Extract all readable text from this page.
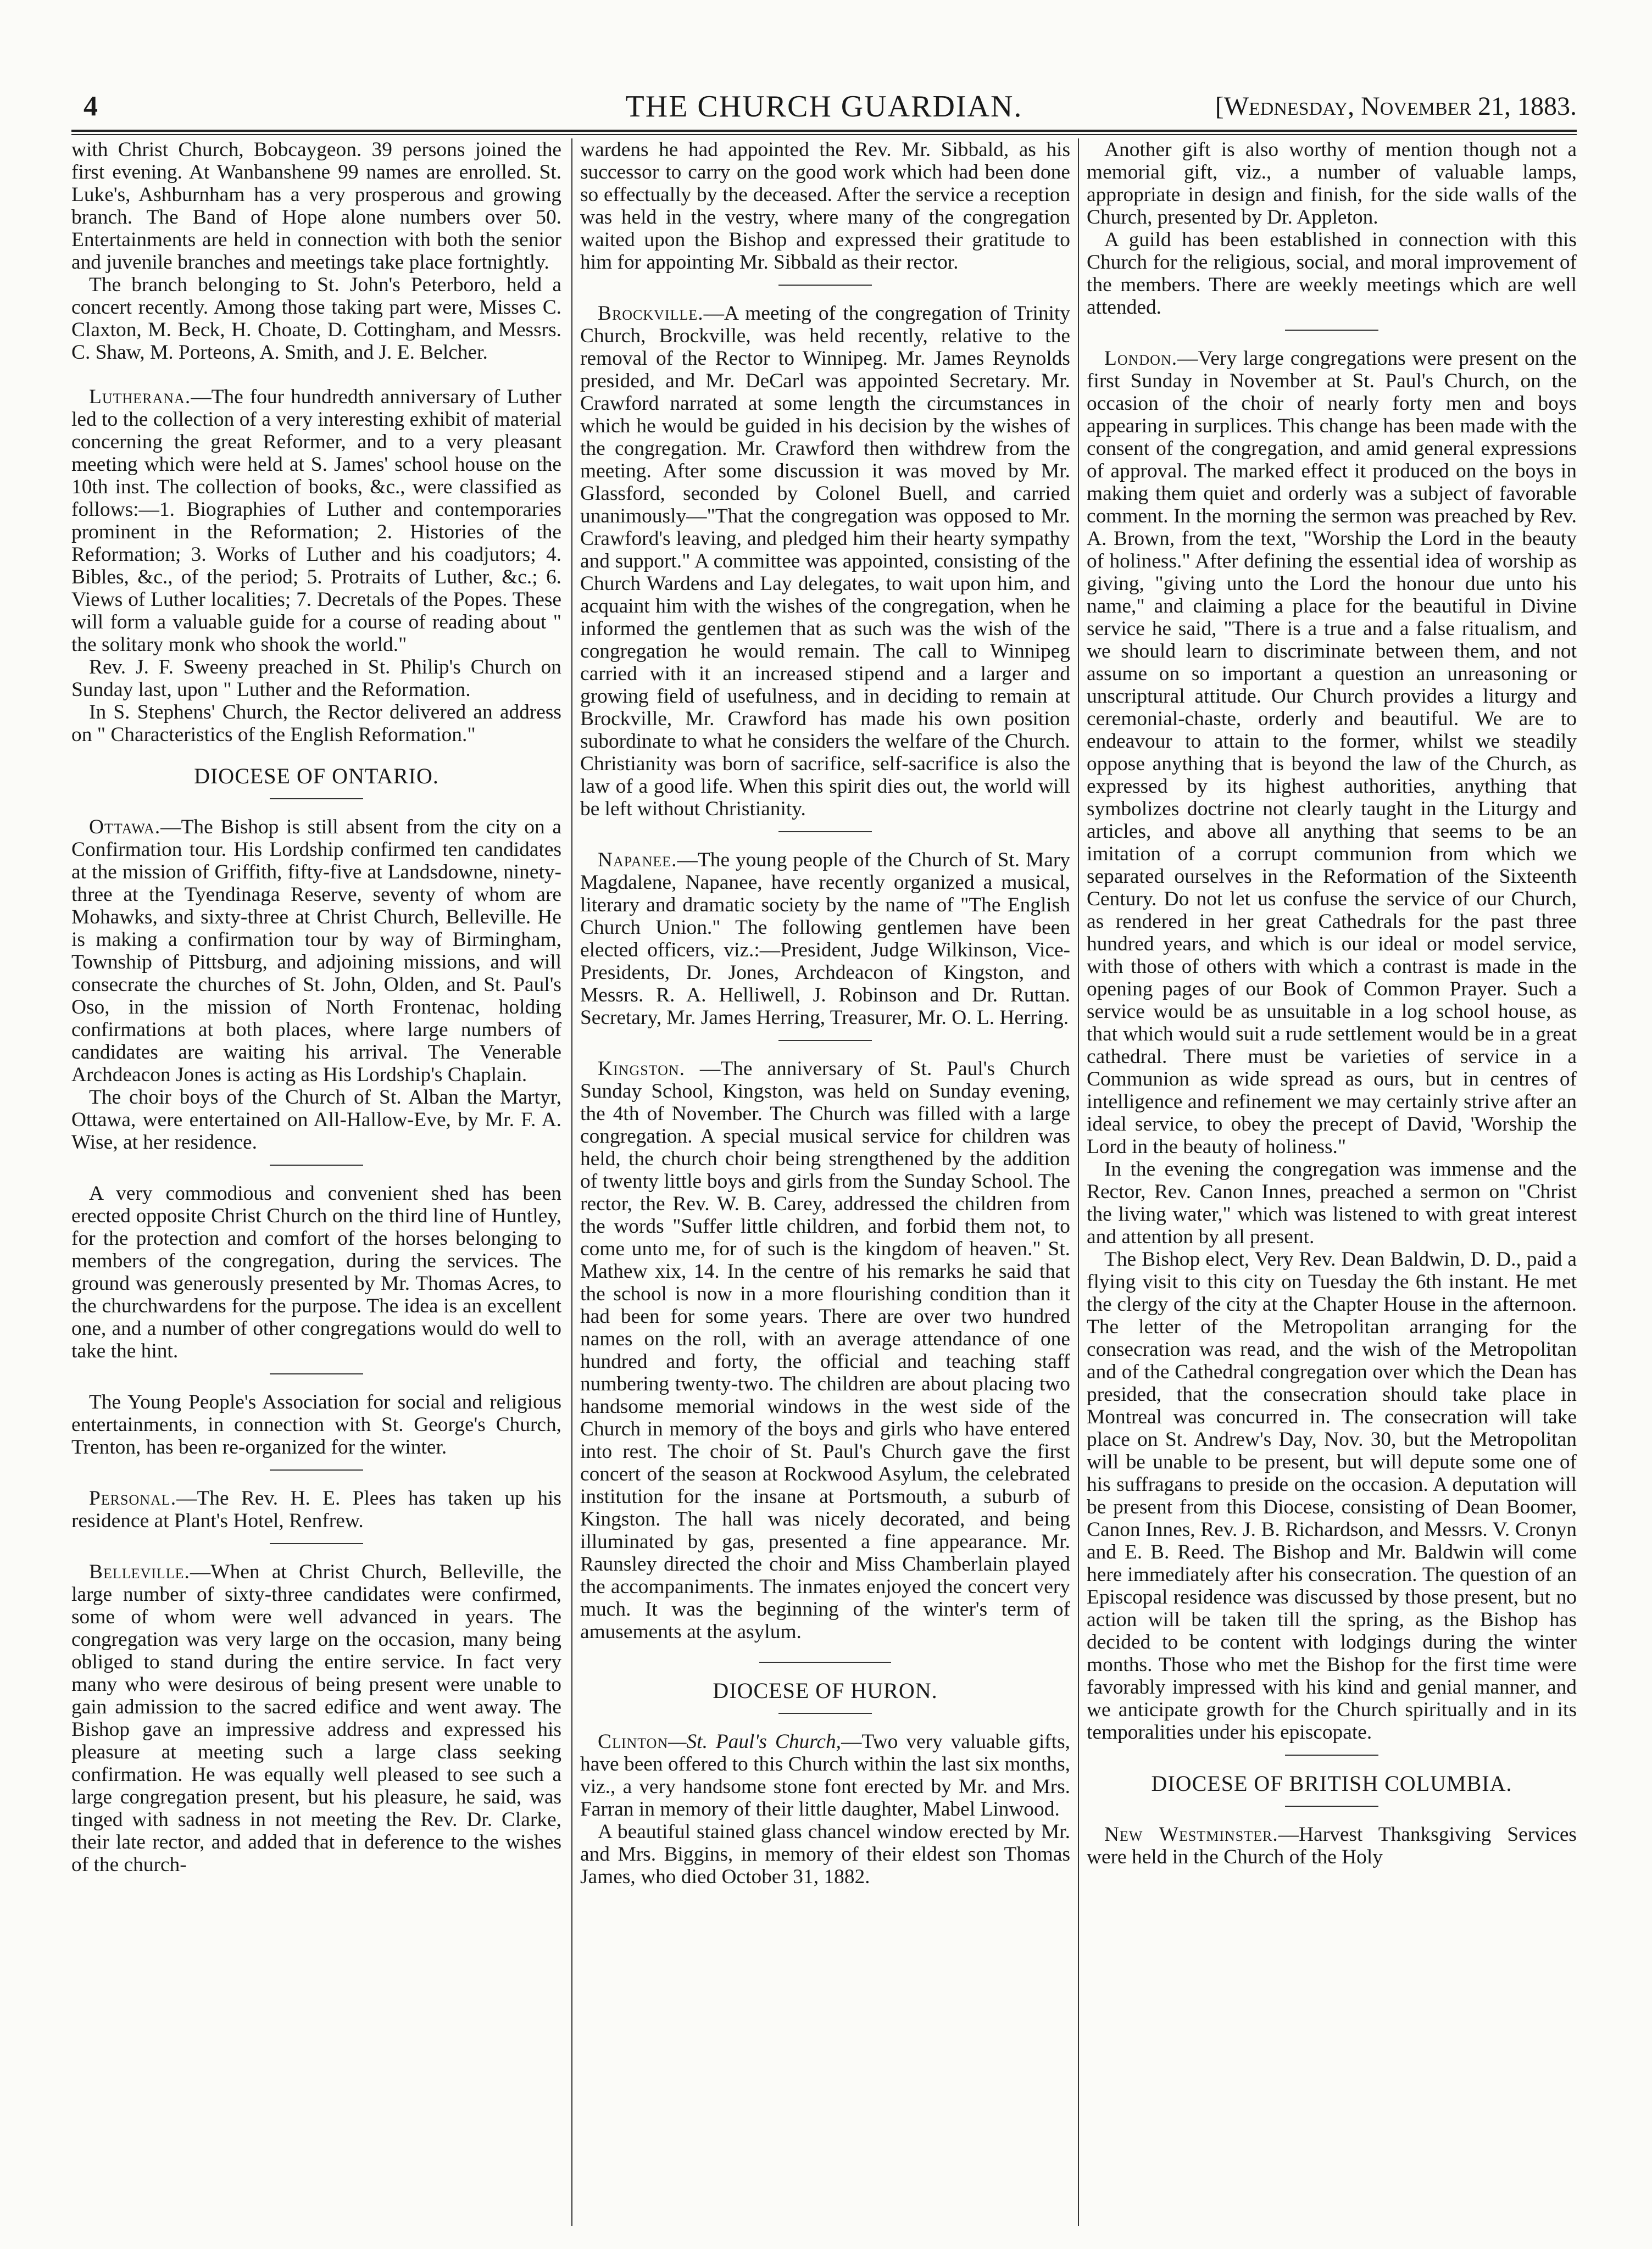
4	THE CHURCH GUARDIAN.	[Wednesday, November 21, 1883.

with Christ Church, Bobcaygeon. 39 persons joined the first evening. At Wanbanshene 99 names are enrolled. St. Luke's, Ashburnham has a very prosperous and growing branch. The Band of Hope alone numbers over 50. Entertainments are held in connection with both the senior and juvenile branches and meetings take place fortnightly.

The branch belonging to St. John's Peterboro, held a concert recently. Among those taking part were, Misses C. Claxton, M. Beck, H. Choate, D. Cottingham, and Messrs. C. Shaw, M. Porteons, A. Smith, and J. E. Belcher.

Lutherana.—The four hundredth anniversary of Luther led to the collection of a very interesting exhibit of material concerning the great Reformer, and to a very pleasant meeting which were held at S. James' school house on the 10th inst. The collection of books, &c., were classified as follows:—1. Biographies of Luther and contemporaries prominent in the Reformation; 2. Histories of the Reformation; 3. Works of Luther and his coadjutors; 4. Bibles, &c., of the period; 5. Protraits of Luther, &c.; 6. Views of Luther localities; 7. Decretals of the Popes. These will form a valuable guide for a course of reading about " the solitary monk who shook the world."

Rev. J. F. Sweeny preached in St. Philip's Church on Sunday last, upon " Luther and the Reformation.

In S. Stephens' Church, the Rector delivered an address on " Characteristics of the English Reformation."

DIOCESE OF ONTARIO.

Ottawa.—The Bishop is still absent from the city on a Confirmation tour. His Lordship confirmed ten candidates at the mission of Griffith, fifty-five at Landsdowne, ninety-three at the Tyendinaga Reserve, seventy of whom are Mohawks, and sixty-three at Christ Church, Belleville. He is making a confirmation tour by way of Birmingham, Township of Pittsburg, and adjoining missions, and will consecrate the churches of St. John, Olden, and St. Paul's Oso, in the mission of North Frontenac, holding confirmations at both places, where large numbers of candidates are waiting his arrival. The Venerable Archdeacon Jones is acting as His Lordship's Chaplain.

The choir boys of the Church of St. Alban the Martyr, Ottawa, were entertained on All-Hallow-Eve, by Mr. F. A. Wise, at her residence.

A very commodious and convenient shed has been erected opposite Christ Church on the third line of Huntley, for the protection and comfort of the horses belonging to members of the congregation, during the services. The ground was generously presented by Mr. Thomas Acres, to the churchwardens for the purpose. The idea is an excellent one, and a number of other congregations would do well to take the hint.

The Young People's Association for social and religious entertainments, in connection with St. George's Church, Trenton, has been re-organized for the winter.

Personal.—The Rev. H. E. Plees has taken up his residence at Plant's Hotel, Renfrew.

Belleville.—When at Christ Church, Belleville, the large number of sixty-three candidates were confirmed, some of whom were well advanced in years. The congregation was very large on the occasion, many being obliged to stand during the entire service. In fact very many who were desirous of being present were unable to gain admission to the sacred edifice and went away. The Bishop gave an impressive address and expressed his pleasure at meeting such a large class seeking confirmation. He was equally well pleased to see such a large congregation present, but his pleasure, he said, was tinged with sadness in not meeting the Rev. Dr. Clarke, their late rector, and added that in deference to the wishes of the church-

wardens he had appointed the Rev. Mr. Sibbald, as his successor to carry on the good work which had been done so effectually by the deceased. After the service a reception was held in the vestry, where many of the congregation waited upon the Bishop and expressed their gratitude to him for appointing Mr. Sibbald as their rector.

Brockville.—A meeting of the congregation of Trinity Church, Brockville, was held recently, relative to the removal of the Rector to Winnipeg. Mr. James Reynolds presided, and Mr. DeCarl was appointed Secretary. Mr. Crawford narrated at some length the circumstances in which he would be guided in his decision by the wishes of the congregation. Mr. Crawford then withdrew from the meeting. After some discussion it was moved by Mr. Glassford, seconded by Colonel Buell, and carried unanimously—"That the congregation was opposed to Mr. Crawford's leaving, and pledged him their hearty sympathy and support." A committee was appointed, consisting of the Church Wardens and Lay delegates, to wait upon him, and acquaint him with the wishes of the congregation, when he informed the gentlemen that as such was the wish of the congregation he would remain. The call to Winnipeg carried with it an increased stipend and a larger and growing field of usefulness, and in deciding to remain at Brockville, Mr. Crawford has made his own position subordinate to what he considers the welfare of the Church. Christianity was born of sacrifice, self-sacrifice is also the law of a good life. When this spirit dies out, the world will be left without Christianity.

Napanee.—The young people of the Church of St. Mary Magdalene, Napanee, have recently organized a musical, literary and dramatic society by the name of "The English Church Union." The following gentlemen have been elected officers, viz.:—President, Judge Wilkinson, Vice-Presidents, Dr. Jones, Archdeacon of Kingston, and Messrs. R. A. Helliwell, J. Robinson and Dr. Ruttan. Secretary, Mr. James Herring, Treasurer, Mr. O. L. Herring.

Kingston. —The anniversary of St. Paul's Church Sunday School, Kingston, was held on Sunday evening, the 4th of November. The Church was filled with a large congregation. A special musical service for children was held, the church choir being strengthened by the addition of twenty little boys and girls from the Sunday School. The rector, the Rev. W. B. Carey, addressed the children from the words "Suffer little children, and forbid them not, to come unto me, for of such is the kingdom of heaven." St. Mathew xix, 14. In the centre of his remarks he said that the school is now in a more flourishing condition than it had been for some years. There are over two hundred names on the roll, with an average attendance of one hundred and forty, the official and teaching staff numbering twenty-two. The children are about placing two handsome memorial windows in the west side of the Church in memory of the boys and girls who have entered into rest. The choir of St. Paul's Church gave the first concert of the season at Rockwood Asylum, the celebrated institution for the insane at Portsmouth, a suburb of Kingston. The hall was nicely decorated, and being illuminated by gas, presented a fine appearance. Mr. Raunsley directed the choir and Miss Chamberlain played the accompaniments. The inmates enjoyed the concert very much. It was the beginning of the winter's term of amusements at the asylum.

DIOCESE OF HURON.

Clinton—St. Paul's Church,—Two very valuable gifts, have been offered to this Church within the last six months, viz., a very handsome stone font erected by Mr. and Mrs. Farran in memory of their little daughter, Mabel Linwood.

A beautiful stained glass chancel window erected by Mr. and Mrs. Biggins, in memory of their eldest son Thomas James, who died October 31, 1882.

Another gift is also worthy of mention though not a memorial gift, viz., a number of valuable lamps, appropriate in design and finish, for the side walls of the Church, presented by Dr. Appleton.

A guild has been established in connection with this Church for the religious, social, and moral improvement of the members. There are weekly meetings which are well attended.

London.—Very large congregations were present on the first Sunday in November at St. Paul's Church, on the occasion of the choir of nearly forty men and boys appearing in surplices. This change has been made with the consent of the congregation, and amid general expressions of approval. The marked effect it produced on the boys in making them quiet and orderly was a subject of favorable comment. In the morning the sermon was preached by Rev. A. Brown, from the text, "Worship the Lord in the beauty of holiness." After defining the essential idea of worship as giving, "giving unto the Lord the honour due unto his name," and claiming a place for the beautiful in Divine service he said, "There is a true and a false ritualism, and we should learn to discriminate between them, and not assume on so important a question an unreasoning or unscriptural attitude. Our Church provides a liturgy and ceremonial-chaste, orderly and beautiful. We are to endeavour to attain to the former, whilst we steadily oppose anything that is beyond the law of the Church, as expressed by its highest authorities, anything that symbolizes doctrine not clearly taught in the Liturgy and articles, and above all anything that seems to be an imitation of a corrupt communion from which we separated ourselves in the Reformation of the Sixteenth Century. Do not let us confuse the service of our Church, as rendered in her great Cathedrals for the past three hundred years, and which is our ideal or model service, with those of others with which a contrast is made in the opening pages of our Book of Common Prayer. Such a service would be as unsuitable in a log school house, as that which would suit a rude settlement would be in a great cathedral. There must be varieties of service in a Communion as wide spread as ours, but in centres of intelligence and refinement we may certainly strive after an ideal service, to obey the precept of David, 'Worship the Lord in the beauty of holiness."

In the evening the congregation was immense and the Rector, Rev. Canon Innes, preached a sermon on "Christ the living water," which was listened to with great interest and attention by all present.

The Bishop elect, Very Rev. Dean Baldwin, D. D., paid a flying visit to this city on Tuesday the 6th instant. He met the clergy of the city at the Chapter House in the afternoon. The letter of the Metropolitan arranging for the consecration was read, and the wish of the Metropolitan and of the Cathedral congregation over which the Dean has presided, that the consecration should take place in Montreal was concurred in. The consecration will take place on St. Andrew's Day, Nov. 30, but the Metropolitan will be unable to be present, but will depute some one of his suffragans to preside on the occasion. A deputation will be present from this Diocese, consisting of Dean Boomer, Canon Innes, Rev. J. B. Richardson, and Messrs. V. Cronyn and E. B. Reed. The Bishop and Mr. Baldwin will come here immediately after his consecration. The question of an Episcopal residence was discussed by those present, but no action will be taken till the spring, as the Bishop has decided to be content with lodgings during the winter months. Those who met the Bishop for the first time were favorably impressed with his kind and genial manner, and we anticipate growth for the Church spiritually and in its temporalities under his episcopate.

DIOCESE OF BRITISH COLUMBIA.

New Westminster.—Harvest Thanksgiving Services were held in the Church of the Holy
